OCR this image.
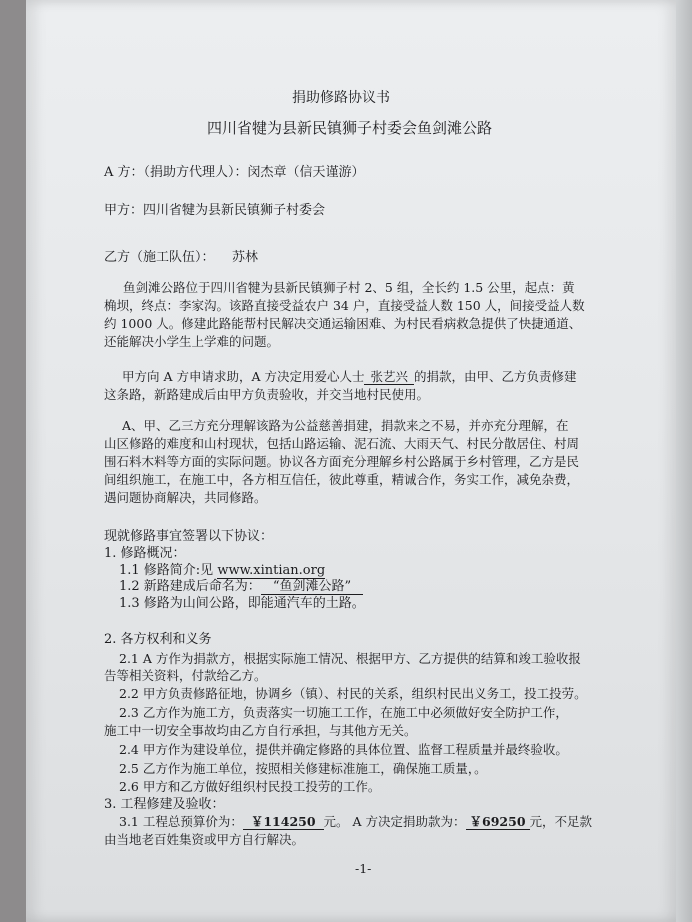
捐助修路协议书
四川省犍为县新民镇狮子村委会鱼剑滩公路
A 方：（捐助方代理人）：闵杰章（信天谨游）
甲方：四川省犍为县新民镇狮子村委会
乙方（施工队伍）： 苏林
鱼剑滩公路位于四川省犍为县新民镇狮子村 2、5 组，全长约 1.5 公里，起点：黄
桷坝，终点：李家沟。该路直接受益农户 34 户，直接受益人数 150 人，间接受益人数
约 1000 人。修建此路能帮村民解决交通运输困难、为村民看病救急提供了快捷通道、
还能解决小学生上学难的问题。
甲方向 A 方申请求助，A 方决定用爱心人士 张艺兴 的捐款，由甲、乙方负责修建
这条路，新路建成后由甲方负责验收，并交当地村民使用。
A、甲、乙三方充分理解该路为公益慈善捐建，捐款来之不易，并亦充分理解，在
山区修路的难度和山村现状，包括山路运输、泥石流、大雨天气、村民分散居住、村周
围石料木料等方面的实际问题。协议各方面充分理解乡村公路属于乡村管理，乙方是民
间组织施工，在施工中，各方相互信任，彼此尊重，精诚合作，务实工作，减免杂费，
遇问题协商解决，共同修路。
现就修路事宜签署以下协议：
1. 修路概况：
1.1 修路简介:见 www.xintian.org
1.2 新路建成后命名为： “鱼剑滩公路”
1.3 修路为山间公路，即能通汽车的土路。
2. 各方权利和义务
2.1 A 方作为捐款方，根据实际施工情况、根据甲方、乙方提供的结算和竣工验收报
告等相关资料，付款给乙方。
2.2 甲方负责修路征地，协调乡（镇）、村民的关系，组织村民出义务工，投工投劳。
2.3 乙方作为施工方，负责落实一切施工工作，在施工中必须做好安全防护工作，
施工中一切安全事故均由乙方自行承担，与其他方无关。
2.4 甲方作为建设单位，提供并确定修路的具体位置、监督工程质量并最终验收。
2.5 乙方作为施工单位，按照相关修建标准施工，确保施工质量，。
2.6 甲方和乙方做好组织村民投工投劳的工作。
3. 工程修建及验收：
3.1 工程总预算价为： ￥114250 元。 A 方决定捐助款为： ￥69250 元，不足款
由当地老百姓集资或甲方自行解决。
-1-
